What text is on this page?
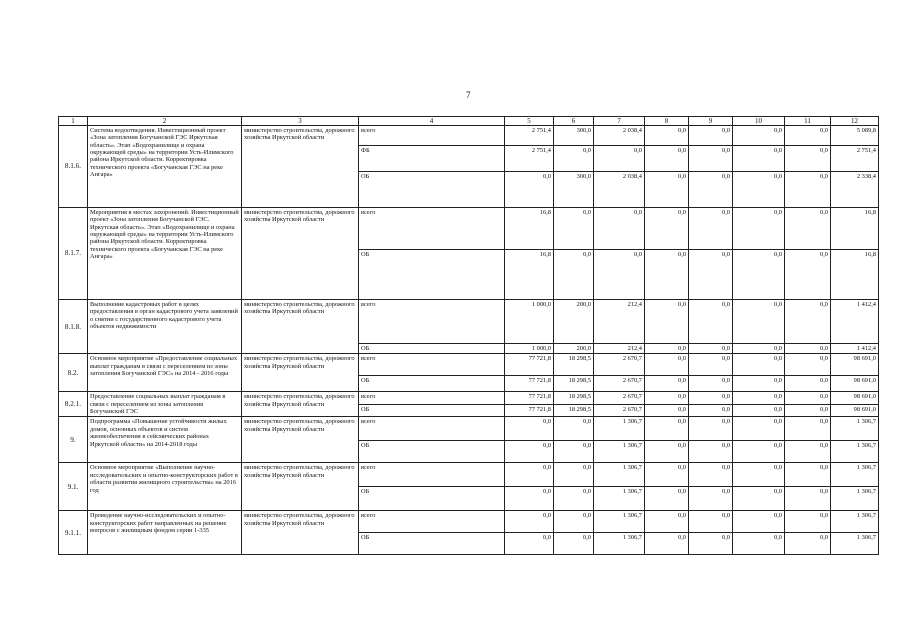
7
1	2	3	4	5	6	7	8	9	10	11	12
8.1.6.	Система водоотведения. Инвестиционный проект «Зона затопления Богучанской ГЭС Иркутская область». Этап «Водохранилище и охрана окружающей среды» на территории Усть-Илимского района Иркутской области. Корректировка технического проекта «Богучанская ГЭС на реке Ангара»	министерство строительства, дорожного хозяйства Иркутской области	всего	2 751,4	300,0	2 038,4	0,0	0,0	0,0	0,0	5 089,8
			ФБ	2 751,4	0,0	0,0	0,0	0,0	0,0	0,0	2 751,4
			ОБ	0,0	300,0	2 038,4	0,0	0,0	0,0	0,0	2 338,4
8.1.7.	Мероприятия в местах захоронений. Инвестиционный проект «Зона затопления Богучанской ГЭС. Иркутская область». Этап «Водохранилище и охрана окружающей среды» на территории Усть-Илимского района Иркутской области. Корректировка технического проекта «Богучанская ГЭС на реке Ангара»	министерство строительства, дорожного хозяйства Иркутской области	всего	16,8	0,0	0,0	0,0	0,0	0,0	0,0	16,8
			ОБ	16,8	0,0	0,0	0,0	0,0	0,0	0,0	16,8
8.1.8.	Выполнение кадастровых работ в целях предоставления в орган кадастрового учета заявлений о снятии с государственного кадастрового учета объектов недвижимости	министерство строительства, дорожного хозяйства Иркутской области	всего	1 000,0	200,0	212,4	0,0	0,0	0,0	0,0	1 412,4
			ОБ	1 000,0	200,0	212,4	0,0	0,0	0,0	0,0	1 412,4
8.2.	Основное мероприятие «Предоставление социальных выплат гражданам в связи с переселением из зоны затопления Богучанской ГЭС» на 2014 - 2016 годы	министерство строительства, дорожного хозяйства Иркутской области	всего	77 721,8	18 298,5	2 670,7	0,0	0,0	0,0	0,0	98 691,0
			ОБ	77 721,8	18 298,5	2 670,7	0,0	0,0	0,0	0,0	98 691,0
8.2.1.	Предоставление социальных выплат гражданам в связи с переселением из зоны затопления Богучанской ГЭС	министерство строительства, дорожного хозяйства Иркутской области	всего	77 721,8	18 298,5	2 670,7	0,0	0,0	0,0	0,0	98 691,0
			ОБ	77 721,8	18 298,5	2 670,7	0,0	0,0	0,0	0,0	98 691,0
9.	Подпрограмма «Повышение устойчивости жилых домов, основных объектов и систем жизнеобеспечения в сейсмических районах Иркутской области» на 2014-2018 годы	министерство строительства, дорожного хозяйства Иркутской области	всего	0,0	0,0	1 306,7	0,0	0,0	0,0	0,0	1 306,7
			ОБ	0,0	0,0	1 306,7	0,0	0,0	0,0	0,0	1 306,7
9.1.	Основное мероприятие «Выполнение научно-исследовательских и опытно-конструкторских работ в области развития жилищного строительства» на 2016 год	министерство строительства, дорожного хозяйства Иркутской области	всего	0,0	0,0	1 306,7	0,0	0,0	0,0	0,0	1 306,7
			ОБ	0,0	0,0	1 306,7	0,0	0,0	0,0	0,0	1 306,7
9.1.1.	Проведение научно-исследовательских и опытно-конструкторских работ направленных на решение вопросов с жилищным фондом серии 1-335	министерство строительства, дорожного хозяйства Иркутской области	всего	0,0	0,0	1 306,7	0,0	0,0	0,0	0,0	1 306,7
			ОБ	0,0	0,0	1 306,7	0,0	0,0	0,0	0,0	1 306,7
